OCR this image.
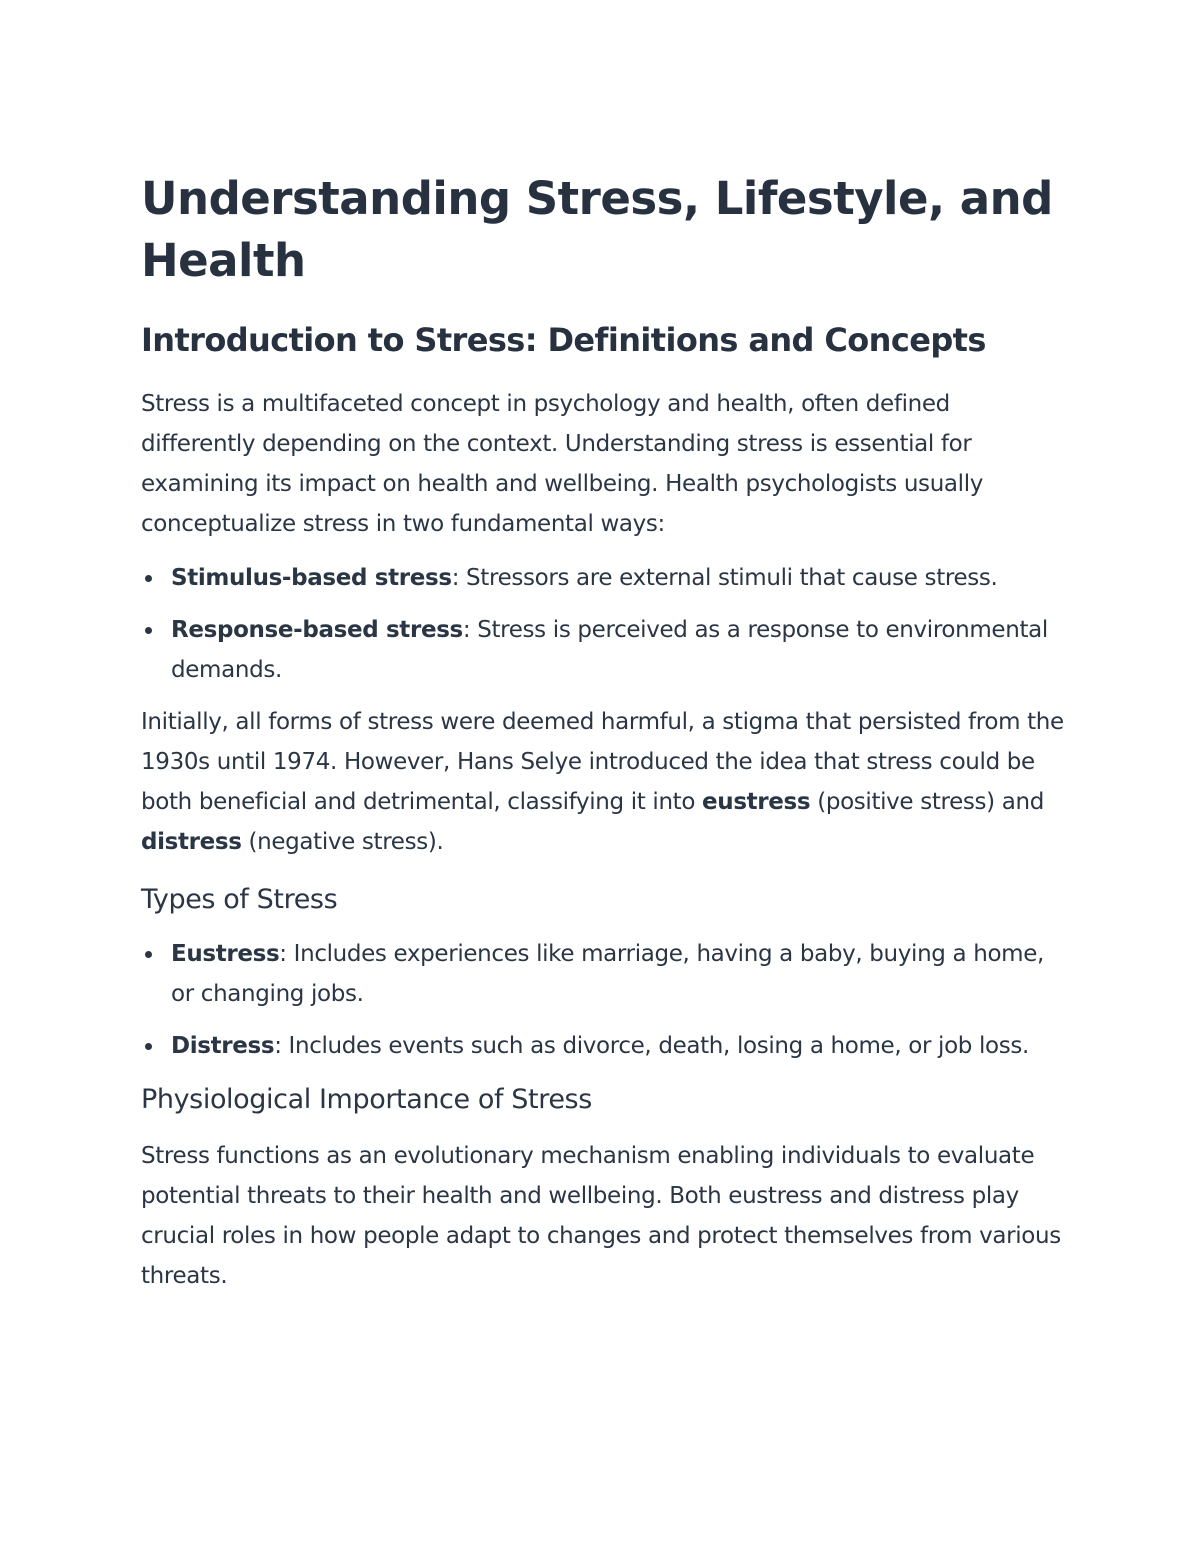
Understanding Stress, Lifestyle, and Health
Introduction to Stress: Definitions and Concepts

Stress is a multifaceted concept in psychology and health, often defined differently depending on the context. Understanding stress is essential for examining its impact on health and wellbeing. Health psychologists usually conceptualize stress in two fundamental ways:

Stimulus-based stress: Stressors are external stimuli that cause stress.
Response-based stress: Stress is perceived as a response to environmental demands.

Initially, all forms of stress were deemed harmful, a stigma that persisted from the 1930s until 1974. However, Hans Selye introduced the idea that stress could be both beneficial and detrimental, classifying it into eustress (positive stress) and distress (negative stress).

Types of Stress
Eustress: Includes experiences like marriage, having a baby, buying a home, or changing jobs.
Distress: Includes events such as divorce, death, losing a home, or job loss.
Physiological Importance of Stress

Stress functions as an evolutionary mechanism enabling individuals to evaluate potential threats to their health and wellbeing. Both eustress and distress play crucial roles in how people adapt to changes and protect themselves from various threats.
